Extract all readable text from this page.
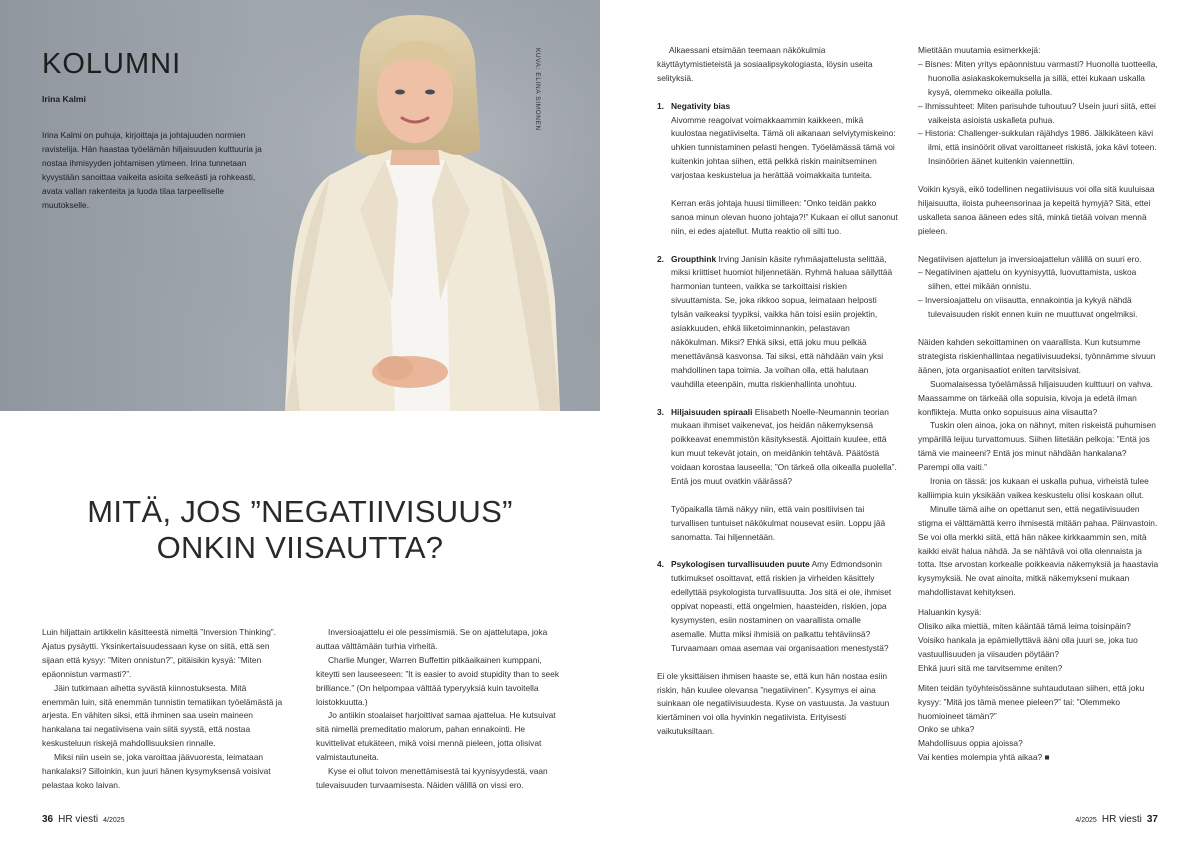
KOLUMNI
Irina Kalmi

Irina Kalmi on puhuja, kirjoittaja ja johtajuuden normien ravistelija. Hän haastaa työelämän hiljaisuuden kulttuuria ja nostaa ihmisyyden johtamisen ytimeen. Irina tunnetaan kyvystään sanoittaa vaikeita asioita selkeästi ja rohkeasti, avata vallan rakenteita ja luoda tilaa tarpeelliselle muutokselle.

KUVA: ELINA SIMONEN
MITÄ, JOS ”NEGATIIVISUUS”
ONKIN VIISAUTTA?

Luin hiljattain artikkelin käsitteestä nimeltä ”Inversion Thinking”. Ajatus pysäytti. Yksinkertaisuudessaan kyse on siitä, että sen sijaan että kysyy: ”Miten onnistun?”, pitäisikin kysyä: ”Miten epäonnistun varmasti?”.

Jäin tutkimaan aihetta syvästä kiinnostuksesta. Mitä enemmän luin, sitä enemmän tunnistin tematiikan työelämästä ja arjesta. En vähiten siksi, että ihminen saa usein maineen hankalana tai negatiivisena vain siitä syystä, että nostaa keskusteluun riskejä mahdollisuuksien rinnalle.

Miksi niin usein se, joka varoittaa jäävuoresta, leimataan hankalaksi? Silloinkin, kun juuri hänen kysymyksensä voisivat pelastaa koko laivan.

Inversioajattelu ei ole pessimismiä. Se on ajattelutapa, joka auttaa välttämään turhia virheitä.

Charlie Munger, Warren Buffettin pitkäaikainen kumppani, kiteytti sen lauseeseen: ”It is easier to avoid stupidity than to seek brilliance.” (On helpompaa välttää typeryyksiä kuin tavoitella loistokkuutta.)

Jo antiikin stoalaiset harjoittivat samaa ajattelua. He kutsuivat sitä nimellä premeditatio malorum, pahan ennakointi. He kuvittelivat etukäteen, mikä voisi mennä pieleen, jotta olisivat valmistautuneita.

Kyse ei ollut toivon menettämisestä tai kyynisyydestä, vaan tulevaisuuden turvaamisesta. Näiden välillä on vissi ero.

36 HR viesti 4/2025

Alkaessani etsimään teemaan näkökulmia käyttäytymistieteistä ja sosiaalipsykologiasta, löysin useita selityksiä.

1. Negativity bias

Aivomme reagoivat voimakkaammin kaikkeen, mikä kuulostaa negatiiviselta. Tämä oli aikanaan selviytymiskeino: uhkien tunnistaminen pelasti hengen. Työelämässä tämä voi kuitenkin johtaa siihen, että pelkkä riskin mainitseminen varjostaa keskustelua ja herättää voimakkaita tunteita.

Kerran eräs johtaja huusi tiimilleen: ”Onko teidän pakko sanoa minun olevan huono johtaja?!” Kukaan ei ollut sanonut niin, ei edes ajatellut. Mutta reaktio oli silti tuo.

2. Groupthink Irving Janisin käsite ryhmäajattelusta selittää, miksi kriittiset huomiot hiljennetään. Ryhmä haluaa säilyttää harmonian tunteen, vaikka se tarkoittaisi riskien sivuuttamista. Se, joka rikkoo sopua, leimataan helposti tylsän vaikeaksi tyypiksi, vaikka hän toisi esiin projektin, asiakkuuden, ehkä liiketoiminnankin, pelastavan näkökulman. Miksi? Ehkä siksi, että joku muu pelkää menettävänsä kasvonsa. Tai siksi, että nähdään vain yksi mahdollinen tapa toimia. Ja voihan olla, että halutaan vauhdilla eteenpäin, mutta riskienhallinta unohtuu.

3. Hiljaisuuden spiraali Elisabeth Noelle-Neumannin teorian mukaan ihmiset vaikenevat, jos heidän näkemyksensä poikkeavat enemmistön käsityksestä. Ajoittain kuulee, että kun muut tekevät jotain, on meidänkin tehtävä. Päätöstä voidaan korostaa lauseella: ”On tärkeä olla oikealla puolella”. Entä jos muut ovatkin väärässä?

Työpaikalla tämä näkyy niin, että vain positiivisen tai turvallisen tuntuiset näkökulmat nousevat esiin. Loppu jää sanomatta. Tai hiljennetään.

4. Psykologisen turvallisuuden puute Amy Edmondsonin tutkimukset osoittavat, että riskien ja virheiden käsittely edellyttää psykologista turvallisuutta. Jos sitä ei ole, ihmiset oppivat nopeasti, että ongelmien, haasteiden, riskien, jopa kysymysten, esiin nostaminen on vaarallista omalle asemalle. Mutta miksi ihmisiä on palkattu tehtäviinsä? Turvaamaan omaa asemaa vai organisaation menestystä?

Ei ole yksittäisen ihmisen haaste se, että kun hän nostaa esiin riskin, hän kuulee olevansa ”negatiivinen”. Kysymys ei aina suinkaan ole negatiivisuudesta. Kyse on vastuusta. Ja vastuun kiertäminen voi olla hyvinkin negatiivista. Erityisesti vaikutuksiltaan.

Mietitään muutamia esimerkkejä:

– Bisnes: Miten yritys epäonnistuu varmasti? Huonolla tuotteella, huonolla asiakaskokemuksella ja sillä, ettei kukaan uskalla kysyä, olemmeko oikealla polulla.

– Ihmissuhteet: Miten parisuhde tuhoutuu? Usein juuri siitä, ettei vaikeista asioista uskalleta puhua.

– Historia: Challenger-sukkulan räjähdys 1986. Jälkikäteen kävi ilmi, että insinöörit olivat varoittaneet riskistä, joka kävi toteen. Insinöörien äänet kuitenkin vaiennettiin.

Voikin kysyä, eikö todellinen negatiivisuus voi olla sitä kuuluisaa hiljaisuutta, iloista puheensorinaa ja kepeitä hymyjä? Sitä, ettei uskalleta sanoa ääneen edes sitä, minkä tietää voivan mennä pieleen.

Negatiivisen ajattelun ja inversioajattelun välillä on suuri ero.

– Negatiivinen ajattelu on kyynisyyttä, luovuttamista, uskoa siihen, ettei mikään onnistu.

– Inversioajattelu on viisautta, ennakointia ja kykyä nähdä tulevaisuuden riskit ennen kuin ne muuttuvat ongelmiksi.

Näiden kahden sekoittaminen on vaarallista. Kun kutsumme strategista riskienhallintaa negatiivisuudeksi, työnnämme sivuun äänen, jota organisaatiot eniten tarvitsisivat.

Suomalaisessa työelämässä hiljaisuuden kulttuuri on vahva. Maassamme on tärkeää olla sopuisia, kivoja ja edetä ilman konflikteja. Mutta onko sopuisuus aina viisautta?

Tuskin olen ainoa, joka on nähnyt, miten riskeistä puhumisen ympärillä leijuu turvattomuus. Siihen liitetään pelkoja: ”Entä jos tämä vie maineeni? Entä jos minut nähdään hankalana? Parempi olla vaiti.”

Ironia on tässä: jos kukaan ei uskalla puhua, virheistä tulee kalliimpia kuin yksikään vaikea keskustelu olisi koskaan ollut.

Minulle tämä aihe on opettanut sen, että negatiivisuuden stigma ei välttämättä kerro ihmisestä mitään pahaa. Päinvastoin. Se voi olla merkki siitä, että hän näkee kirkkaammin sen, mitä kaikki eivät halua nähdä. Ja se nähtävä voi olla olennaista ja totta. Itse arvostan korkealle poikkeavia näkemyksiä ja haastavia kysymyksiä. Ne ovat ainoita, mitkä näkemykseni mukaan mahdollistavat kehityksen.

Haluankin kysyä:

Olisiko aika miettiä, miten kääntää tämä leima toisinpäin?

Voisiko hankala ja epämiellyttävä ääni olla juuri se, joka tuo vastuullisuuden ja viisauden pöytään?

Ehkä juuri sitä me tarvitsemme eniten?

Miten teidän työyhteisössänne suhtaudutaan siihen, että joku kysyy: ”Mitä jos tämä menee pieleen?” tai: ”Olemmeko huomioineet tämän?”

Onko se uhka?

Mahdollisuus oppia ajoissa?

Vai kenties molempia yhtä aikaa? ■

4/2025 HR viesti 37
